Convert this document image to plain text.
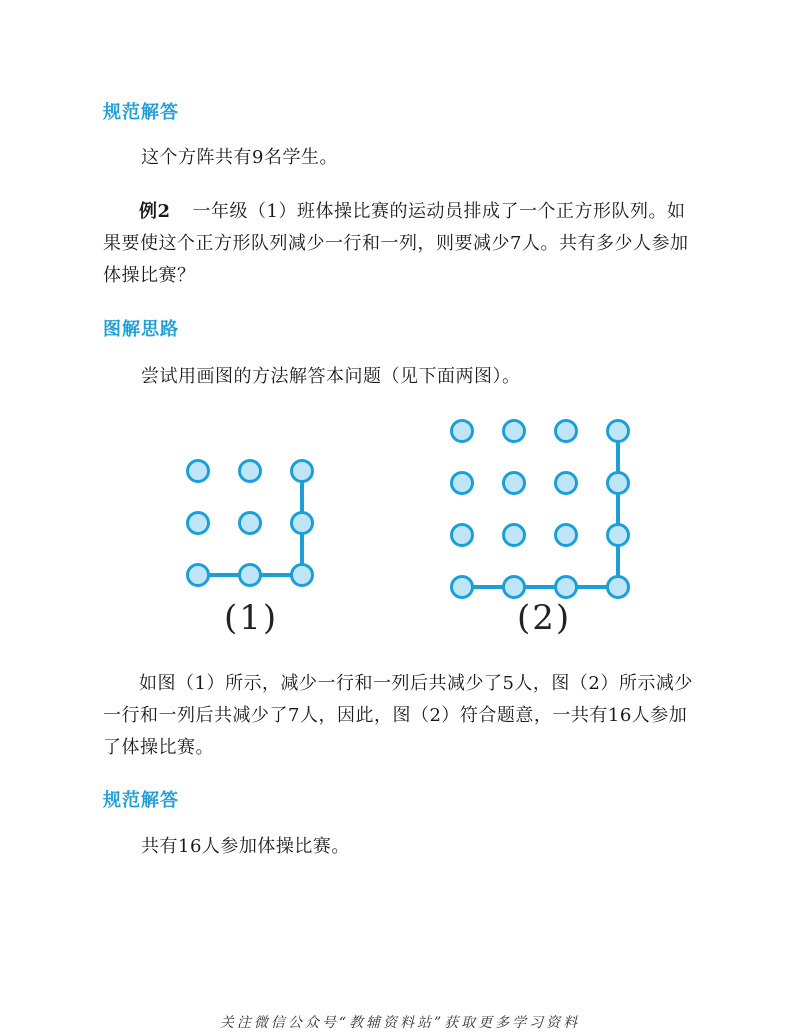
规范解答

这个方阵共有9名学生。

例2 一年级（1）班体操比赛的运动员排成了一个正方形队列。如果要使这个正方形队列减少一行和一列，则要减少7人。共有多少人参加体操比赛？

图解思路

尝试用画图的方法解答本问题（见下面两图）。

(1)	(2)

如图（1）所示，减少一行和一列后共减少了5人，图（2）所示减少一行和一列后共减少了7人，因此，图（2）符合题意，一共有16人参加了体操比赛。

规范解答

共有16人参加体操比赛。

关注微信公众号“教辅资料站”获取更多学习资料
